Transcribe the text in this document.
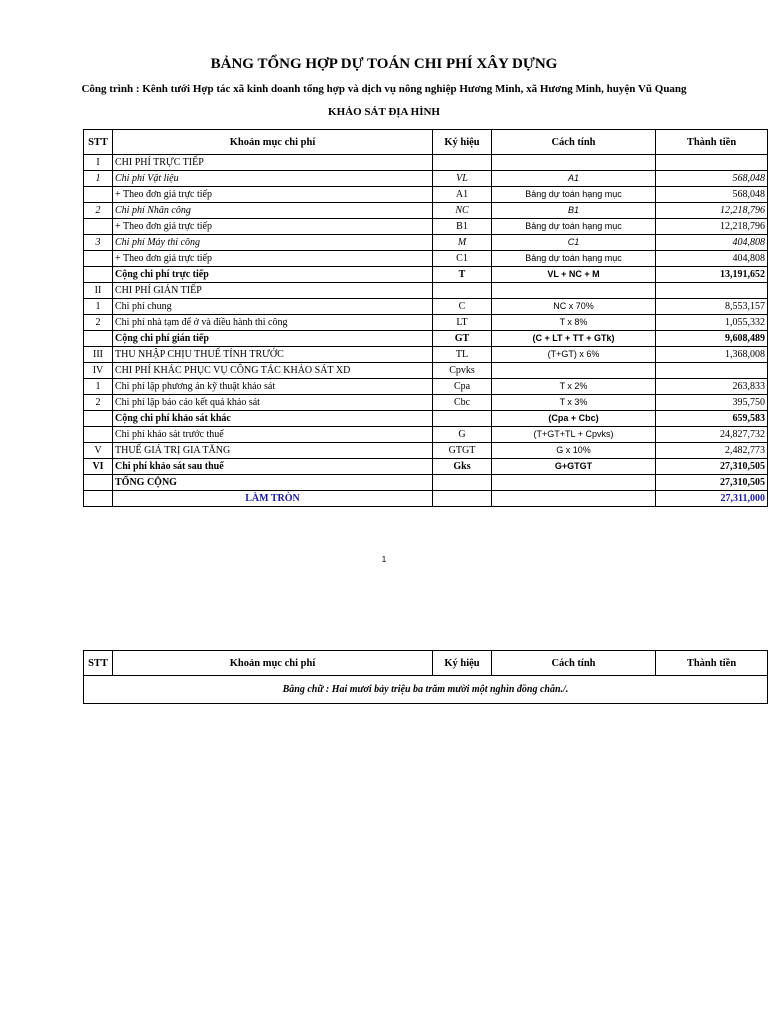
BẢNG TỔNG HỢP DỰ TOÁN CHI PHÍ XÂY DỰNG
Công trình : Kênh tưới Hợp tác xã kinh doanh tổng hợp và dịch vụ nông nghiệp Hương Minh, xã Hương Minh, huyện Vũ Quang
KHẢO SÁT ĐỊA HÌNH
STT	Khoản mục chi phí	Ký hiệu	Cách tính	Thành tiền
I	CHI PHÍ TRỰC TIẾP			
1	Chi phí Vật liệu	VL	A1	568,048
	+ Theo đơn giá trực tiếp	A1	Bảng dự toán hạng mục	568,048
2	Chi phí Nhân công	NC	B1	12,218,796
	+ Theo đơn giá trực tiếp	B1	Bảng dự toán hạng mục	12,218,796
3	Chi phí Máy thi công	M	C1	404,808
	+ Theo đơn giá trực tiếp	C1	Bảng dự toán hạng mục	404,808
	Cộng chi phí trực tiếp	T	VL + NC + M	13,191,652
II	CHI PHÍ GIÁN TIẾP			
1	Chi phí chung	C	NC x 70%	8,553,157
2	Chi phí nhà tạm để ở và điều hành thi công	LT	T x 8%	1,055,332
	Cộng chi phí gián tiếp	GT	(C + LT + TT + GTk)	9,608,489
III	THU NHẬP CHỊU THUẾ TÍNH TRƯỚC	TL	(T+GT) x 6%	1,368,008
IV	CHI PHÍ KHÁC PHỤC VỤ CÔNG TÁC KHẢO SÁT XD	Cpvks		
1	Chi phí lập phương án kỹ thuật khảo sát	Cpa	T x 2%	263,833
2	Chi phí lập báo cáo kết quả khảo sát	Cbc	T x 3%	395,750
	Cộng chi phí khảo sát khác		(Cpa + Cbc)	659,583
	Chi phí khảo sát trước thuế	G	(T+GT+TL + Cpvks)	24,827,732
V	THUẾ GIÁ TRỊ GIA TĂNG	GTGT	G x 10%	2,482,773
VI	Chi phí khảo sát sau thuế	Gks	G+GTGT	27,310,505
	TỔNG CỘNG			27,310,505
	LÀM TRÒN			27,311,000
1
STT	Khoản mục chi phí	Ký hiệu	Cách tính	Thành tiền
Bằng chữ : Hai mươi bảy triệu ba trăm mười một nghìn đồng chẵn./.
